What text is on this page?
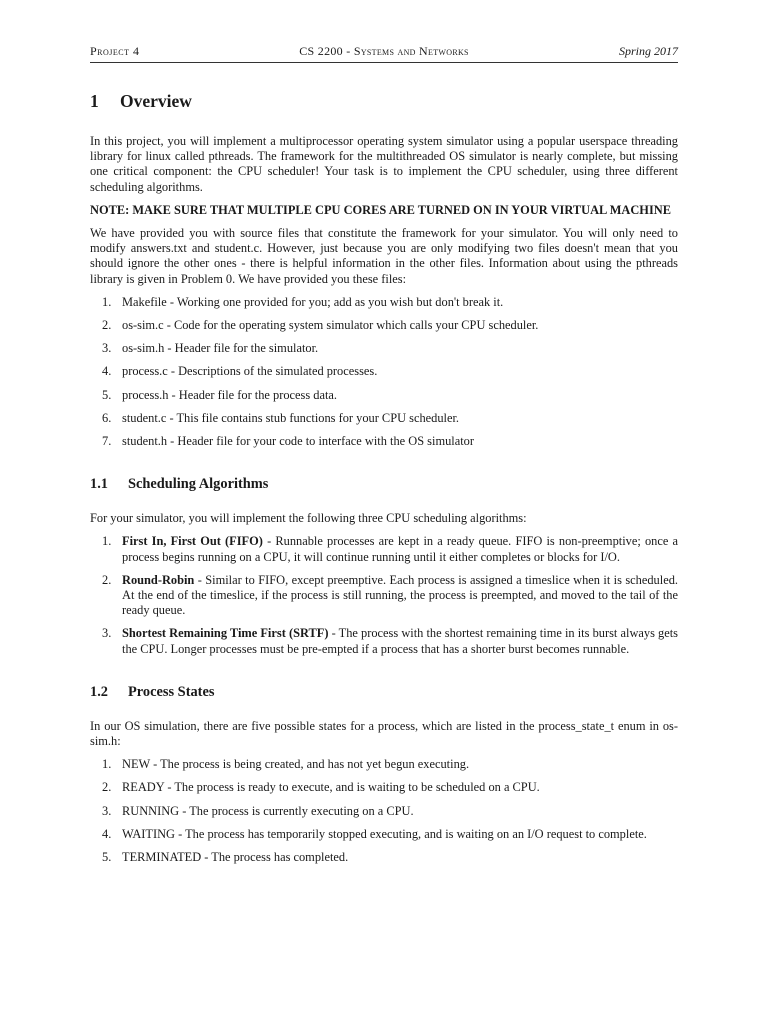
Project 4	CS 2200 - Systems and Networks	Spring 2017
1 Overview

In this project, you will implement a multiprocessor operating system simulator using a popular userspace threading library for linux called pthreads. The framework for the multithreaded OS simulator is nearly complete, but missing one critical component: the CPU scheduler! Your task is to implement the CPU scheduler, using three different scheduling algorithms.

NOTE: MAKE SURE THAT MULTIPLE CPU CORES ARE TURNED ON IN YOUR VIRTUAL MACHINE

We have provided you with source files that constitute the framework for your simulator. You will only need to modify answers.txt and student.c. However, just because you are only modifying two files doesn't mean that you should ignore the other ones - there is helpful information in the other files. Information about using the pthreads library is given in Problem 0. We have provided you these files:

1. Makefile - Working one provided for you; add as you wish but don't break it.
2. os-sim.c - Code for the operating system simulator which calls your CPU scheduler.
3. os-sim.h - Header file for the simulator.
4. process.c - Descriptions of the simulated processes.
5. process.h - Header file for the process data.
6. student.c - This file contains stub functions for your CPU scheduler.
7. student.h - Header file for your code to interface with the OS simulator
1.1 Scheduling Algorithms

For your simulator, you will implement the following three CPU scheduling algorithms:

1. First In, First Out (FIFO) - Runnable processes are kept in a ready queue. FIFO is non-preemptive; once a process begins running on a CPU, it will continue running until it either completes or blocks for I/O.
2. Round-Robin - Similar to FIFO, except preemptive. Each process is assigned a timeslice when it is scheduled. At the end of the timeslice, if the process is still running, the process is preempted, and moved to the tail of the ready queue.
3. Shortest Remaining Time First (SRTF) - The process with the shortest remaining time in its burst always gets the CPU. Longer processes must be pre-empted if a process that has a shorter burst becomes runnable.
1.2 Process States

In our OS simulation, there are five possible states for a process, which are listed in the process_state_t enum in os-sim.h:

1. NEW - The process is being created, and has not yet begun executing.
2. READY - The process is ready to execute, and is waiting to be scheduled on a CPU.
3. RUNNING - The process is currently executing on a CPU.
4. WAITING - The process has temporarily stopped executing, and is waiting on an I/O request to complete.
5. TERMINATED - The process has completed.
